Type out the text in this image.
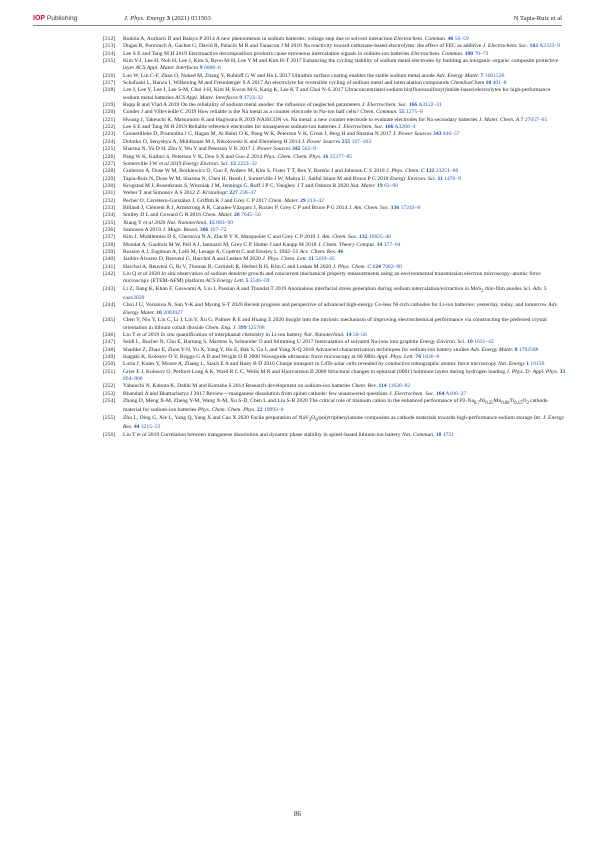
IOP Publishing	J. Phys. Energy 3 (2021) 031503	N Tapia-Ruiz et al
[212] Rudola A, Aurbach D and Balaya P 2014 A new phenomenon in sodium batteries: voltage step due to solvent interaction Electrochem. Commun. 46 56–59
[213] Dugas R, Ponrouch A, Gachot G, David R, Palacin M R and Tarascon J M 2016 Na reactivity toward carbonate-based electrolytes: the effect of FEC as additive J. Electrochem. Soc. 163 A2333–9
[214] Lee S E and Tang M H 2019 Electroactive decomposition products cause erroneous intercalation signals in sodium-ion batteries Electrochem. Commun. 100 70–73
[215] Kim Y-J, Lee H, Noh H, Lee J, Kim S, Ryou M-H, Lee Y M and Kim H-T 2017 Enhancing the cycling stability of sodium metal electrodes by building an inorganic–organic composite protective layer ACS Appl. Mater. Interfaces 9 6000–6
[216] Luo W, Lin C-F, Zhao O, Noked M, Zhang Y, Rubloff G W and Hu L 2017 Ultrathin surface coating enables the stable sodium metal anode Adv. Energy Mater. 7 1601526
[217] Schafzahl L, Hanzu I, Wilkening M and Freunberger S A 2017 An electrolyte for reversible cycling of sodium metal and intercalation compounds ChemSusChem 10 401–8
[218] Lee J, Lee Y, Lee J, Lee S-M, Choi J-H, Kim H, Kwon M-S, Kang K, Lee K T and Choi N-S 2017 Ultraconcentrated sodium bis(fluorosulfonyl)imide-based electrolytes for high-performance sodium metal batteries ACS Appl. Mater. Interfaces 9 3723–32
[219] Rupp R and Vlad A 2019 On the reliability of sodium metal anodes: the influence of neglected parameters J. Electrochem. Soc. 166 A3122–31
[220] Conder J and Villevieille C 2019 How reliable is the Na metal as a counter electrode in Na-ion half cells? Chem. Commun. 55 1275–8
[221] Hwang J, Takeuchi K, Matsumoto K and Hagiwara R 2019 NASICON vs. Na metal: a new counter electrode to evaluate electrodes for Na secondary batteries J. Mater. Chem. A 7 27057–65
[222] Lee S E and Tang M H 2019 Reliable reference electrodes for nonaqueous sodium-ion batteries J. Electrochem. Soc. 166 A3260–4
[223] Goonetilleke D, Pramudita J C, Hagan M, Al Bahri O K, Pang W K, Peterson V K, Groot J, Berg H and Sharma N 2017 J. Power Sources 343 446–57
[224] Dolotko O, Senyshyn A, Mühlbauer M J, Nikolowski K and Ehrenberg H 2014 J. Power Sources 255 197–203
[225] Sharma N, Yu D H, Zhu Y, Wu Y and Peterson V K 2017 J. Power Sources 342 562–9
[226] Pang W K, Kalluri S, Peterson V K, Dou S X and Guo Z 2014 Phys. Chem. Chem. Phys. 16 25377–85
[227] Somerville J W et al 2019 Energy Environ. Sci. 12 2223–32
[228] Gutierrez A, Dose W M, Borkiewicz O, Guo F, Avdeev M, Kim S, Fister T T, Ren Y, Bareño J and Johnson C S 2018 J. Phys. Chem. C 122 23251–60
[229] Tapia-Ruiz N, Dose W M, Sharma N, Chen H, Heath J, Somerville J W, Maitra U, Saiful Islam M and Bruce P G 2018 Energy Environ. Sci. 11 1470–9
[230] Krogstad M J, Rosenkranz S, Wozniak J M, Jennings G, Ruff J P C, Vaughey J T and Osborn R 2020 Nat. Mater. 19 63–68
[231] Weber T and Simonov A S 2012 Z. Kristallogr. 227 238–47
[232] Pecher O, Carretero-González J, Griffith K J and Grey C P 2017 Chem. Mater. 29 213–42
[233] Billaud J, Clément R J, Armstrong A R, Canales-Vázquez J, Rozier P, Grey C P and Bruce P G 2014 J. Am. Chem. Soc. 136 17243–8
[234] Smiley D L and Goward G R 2016 Chem. Mater. 28 7645–56
[235] Xiang Y et al 2020 Nat. Nanotechnol. 15 883–90
[236] Samoson A 2019 J. Magn. Reson. 306 167–72
[237] Kim J, Middlemiss D S, Chernova N A, Zhu B Y X, Masquelier C and Grey C P 2010 J. Am. Chem. Soc. 132 16825–40
[238] Mondal A, Gaultois M W, Pell A J, Iannuzzi M, Grey C P, Hutter J and Kaupp M 2018 J. Chem. Theory Comput. 14 377–94
[239] Rossini A J, Zagdoun A, Lelli M, Lesage A, Copéret C and Emsley L 1942–51 Acc. Chem. Res. 46
[240] Jardón-Álvarez D, Reuveni G, Harchol A and Leskes M 2020 J. Phys. Chem. Lett. 11 5439–45
[241] Harchol A, Reuveni G, Ri V, Thomas B, Carmieli R, Herber R H, Kim C and Leskes M 2020 J. Phys. Chem. C 124 7082–90
[242] Liu Q et al 2020 In situ observation of sodium dendrite growth and concurrent mechanical property measurements using an environmental transmission electron microscopy–atomic force microscopy (ETEM-AFM) platform ACS Energy Lett. 5 2546–59
[243] Li Z, Jiang K, Khan F, Goswami A, Liu J, Passian A and Thundat T 2019 Anomalous interfacial stress generation during sodium intercalation/extraction in MoS$_2$ thin-film anodes Sci. Adv. 5 eaav2820
[244] Choi J U, Voronina N, Sun Y-K and Myung S-T 2020 Recent progress and perspective of advanced high-energy Co-less Ni-rich cathodes for Li-ion batteries: yesterday, today, and tomorrow Adv. Energy Mater. 10 2002027
[245] Chen Y, Niu Y, Lin C, Li J, Lin Y, Xu G, Palmer R E and Huang Z 2020 Insight into the intrinsic mechanism of improving electrochemical performance via constructing the preferred crystal orientation in lithium cobalt dioxide Chem. Eng. J. 399 125708
[246] Liu T et al 2019 In situ quantification of interphasial chemistry in Li-ion battery Nat. Nanotechnol. 14 50–56
[247] Seidl L, Bucher N, Chu E, Hartung S, Martens S, Schneider O and Stimming U 2017 Intercalation of solvated Na-ions into graphite Energy Environ. Sci. 10 1631–42
[248] Shadike Z, Zhao E, Zhou Y-N, Yu X, Yang Y, Hu E, Bak S, Gu L and Yang X-Q 2018 Advanced characterization techniques for sodium-ion battery studies Adv. Energy Mater. 8 1702588
[249] Inagaki K, Kolosov O V, Briggs G A D and Wright O B 2000 Waveguide ultrasonic force microscopy at 60 MHz Appl. Phys. Lett. 76 1836–8
[250] Luria J, Kutes Y, Moore A, Zhang L, Stach E A and Huey B D 2016 Charge transport in CdTe solar cells revealed by conductive tomographic atomic force microscopy Nat. Energy 1 16150
[251] Grier E J, Kolosov O, Petford-Long A K, Ward R C C, Wells M R and Hjorvarsson B 2000 Structural changes to epitaxial (0001) holmium layers during hydrogen loading J. Phys. D: Appl. Phys. 33 894–900
[252] Yabuuchi N, Kubota K, Dahbi M and Komaba S 2014 Research development on sodium-ion batteries Chem. Rev. 114 11636–82
[253] Bhandari A and Bhattacharya J 2017 Review—manganese dissolution from spinel cathode: few unanswered questions J. Electrochem. Soc. 164 A106–27
[254] Zhang D, Meng X-M, Zheng Y-M, Wang X-M, Xu S-D, Chen L and Liu S-B 2020 The critical role of titanium cation in the enhanced performance of $P2-Na_{0.7}Ni_{0.25}Mn_{0.60}Ti_{0.15}O_2$ cathode material for sodium-ion batteries Phys. Chem. Chem. Phys. 22 19992–8
[255] Zhu L, Ding G, Xie L, Yang Q, Yang X and Cao X 2020 Facile preparation of $NaV_3O_8$/polytriphenylamine composites as cathode materials towards high-performance sodium storage Int. J. Energy Res. 44 3215–23
[256] Liu T et al 2019 Correlation between manganese dissolution and dynamic phase stability in spinel-based lithium-ion battery Nat. Commun. 10 4721
86
